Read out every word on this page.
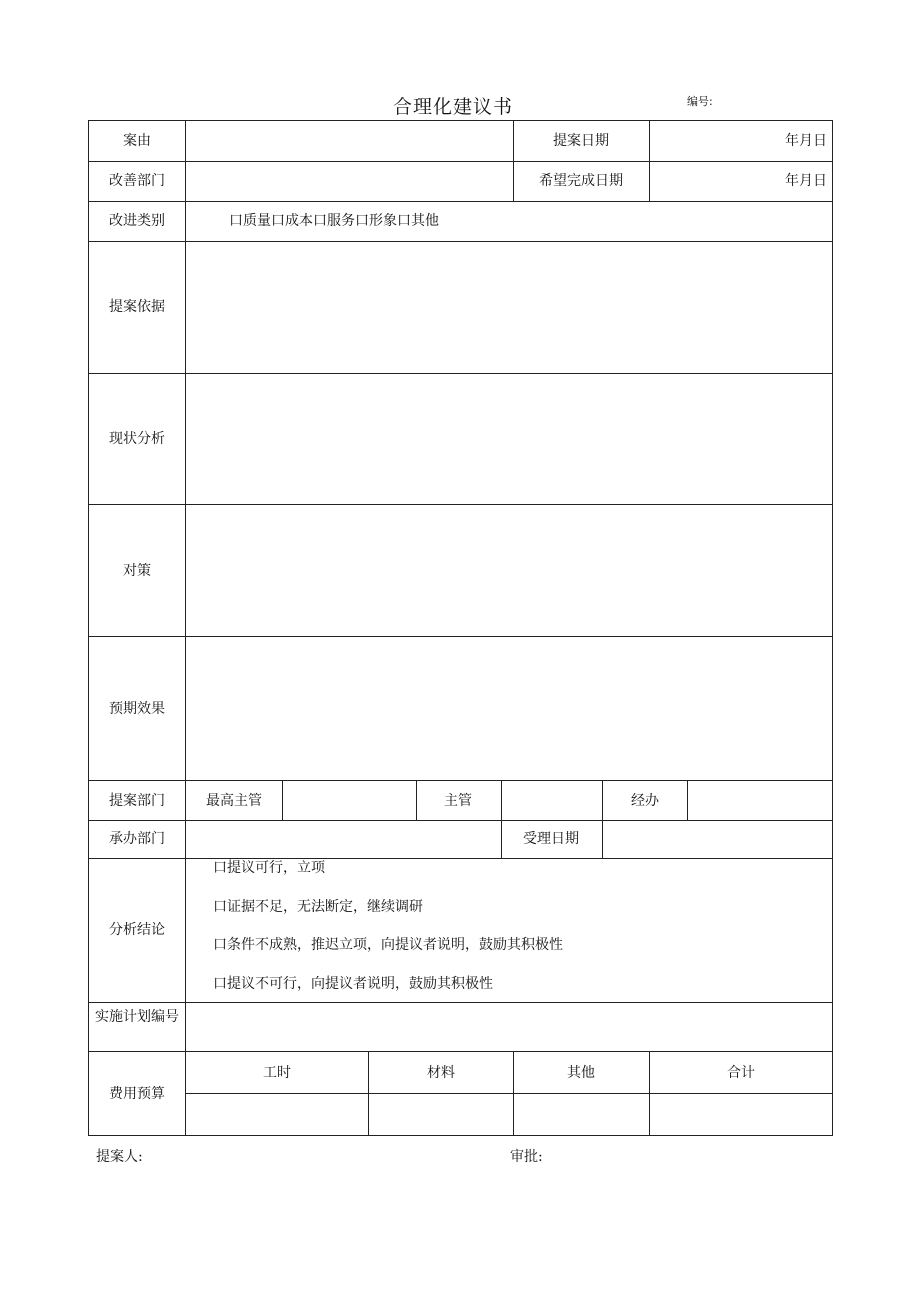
合理化建议书	编号:
案由	提案日期	年月日
改善部门	希望完成日期	年月日
改进类别	口质量口成本口服务口形象口其他
提案依据
现状分析
对策
预期效果
提案部门	最高主管	主管	经办
承办部门	受理日期
分析结论
口提议可行，立项
口证据不足，无法断定，继续调研
口条件不成熟，推迟立项，向提议者说明，鼓励其积极性
口提议不可行，向提议者说明，鼓励其积极性
实施计划编号
费用预算
工时	材料	其他	合计
提案人:	审批:
